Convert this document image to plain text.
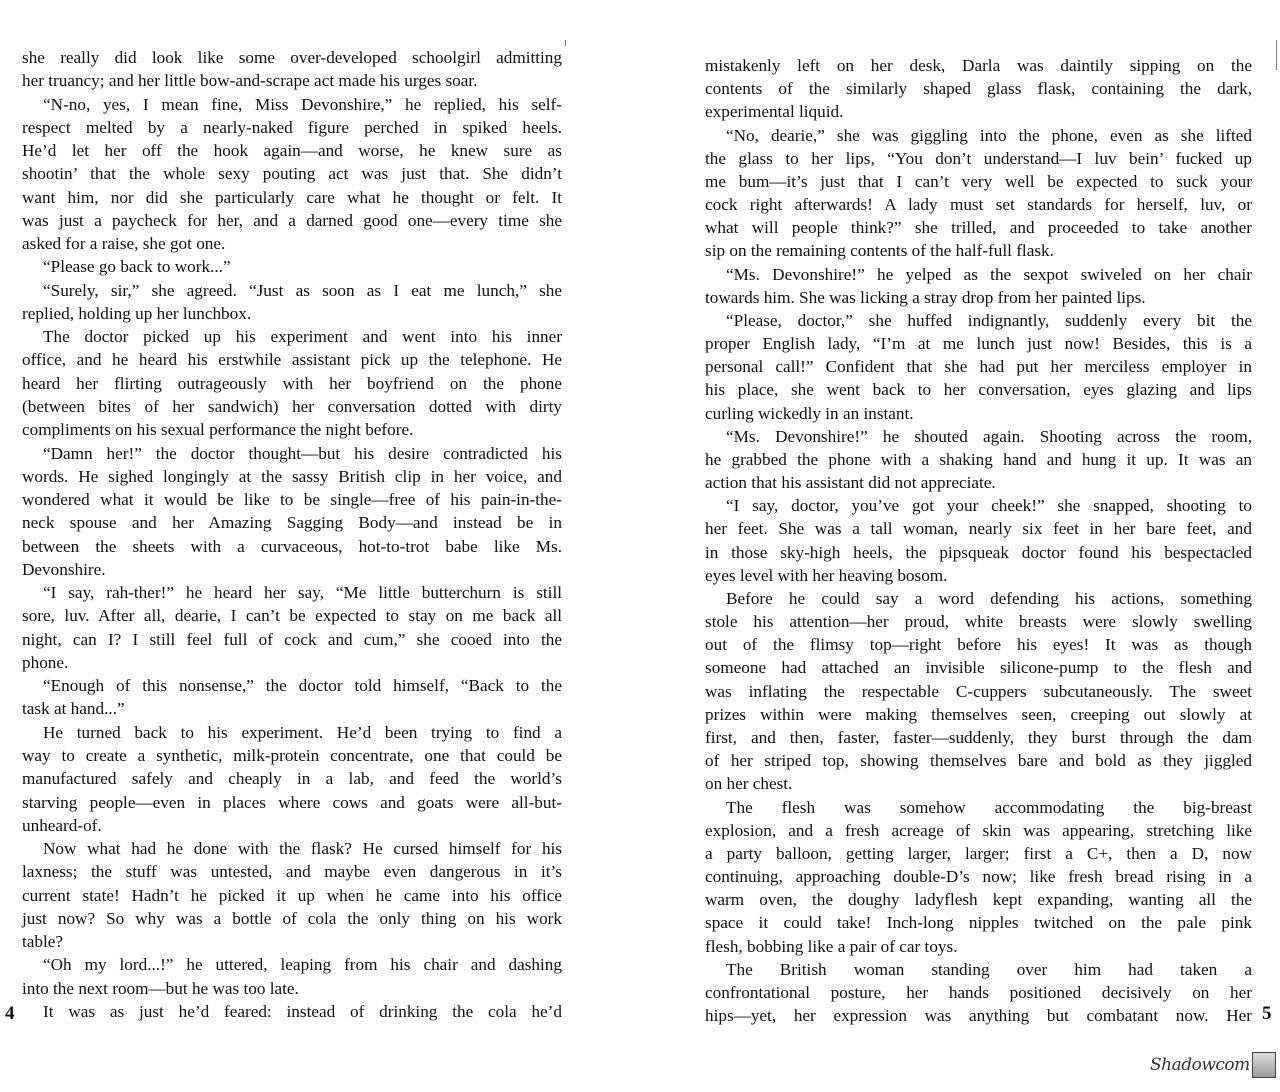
she really did look like some over-developed schoolgirl admitting
her truancy; and her little bow-and-scrape act made his urges soar.
“N-no, yes, I mean fine, Miss Devonshire,” he replied, his self-
respect melted by a nearly-naked figure perched in spiked heels.
He’d let her off the hook again—and worse, he knew sure as
shootin’ that the whole sexy pouting act was just that. She didn’t
want him, nor did she particularly care what he thought or felt. It
was just a paycheck for her, and a darned good one—every time she
asked for a raise, she got one.
“Please go back to work...”
“Surely, sir,” she agreed. “Just as soon as I eat me lunch,” she
replied, holding up her lunchbox.
The doctor picked up his experiment and went into his inner
office, and he heard his erstwhile assistant pick up the telephone. He
heard her flirting outrageously with her boyfriend on the phone
(between bites of her sandwich) her conversation dotted with dirty
compliments on his sexual performance the night before.
“Damn her!” the doctor thought—but his desire contradicted his
words. He sighed longingly at the sassy British clip in her voice, and
wondered what it would be like to be single—free of his pain-in-the-
neck spouse and her Amazing Sagging Body—and instead be in
between the sheets with a curvaceous, hot-to-trot babe like Ms.
Devonshire.
“I say, rah-ther!” he heard her say, “Me little butterchurn is still
sore, luv. After all, dearie, I can’t be expected to stay on me back all
night, can I? I still feel full of cock and cum,” she cooed into the
phone.
“Enough of this nonsense,” the doctor told himself, “Back to the
task at hand...”
He turned back to his experiment. He’d been trying to find a
way to create a synthetic, milk-protein concentrate, one that could be
manufactured safely and cheaply in a lab, and feed the world’s
starving people—even in places where cows and goats were all-but-
unheard-of.
Now what had he done with the flask? He cursed himself for his
laxness; the stuff was untested, and maybe even dangerous in it’s
current state! Hadn’t he picked it up when he came into his office
just now? So why was a bottle of cola the only thing on his work
table?
“Oh my lord...!” he uttered, leaping from his chair and dashing
into the next room—but he was too late.
It was as just he’d feared: instead of drinking the cola he’d
mistakenly left on her desk, Darla was daintily sipping on the
contents of the similarly shaped glass flask, containing the dark,
experimental liquid.
“No, dearie,” she was giggling into the phone, even as she lifted
the glass to her lips, “You don’t understand—I luv bein’ fucked up
me bum—it’s just that I can’t very well be expected to suck your
cock right afterwards! A lady must set standards for herself, luv, or
what will people think?” she trilled, and proceeded to take another
sip on the remaining contents of the half-full flask.
“Ms. Devonshire!” he yelped as the sexpot swiveled on her chair
towards him. She was licking a stray drop from her painted lips.
“Please, doctor,” she huffed indignantly, suddenly every bit the
proper English lady, “I’m at me lunch just now! Besides, this is a
personal call!” Confident that she had put her merciless employer in
his place, she went back to her conversation, eyes glazing and lips
curling wickedly in an instant.
“Ms. Devonshire!” he shouted again. Shooting across the room,
he grabbed the phone with a shaking hand and hung it up. It was an
action that his assistant did not appreciate.
“I say, doctor, you’ve got your cheek!” she snapped, shooting to
her feet. She was a tall woman, nearly six feet in her bare feet, and
in those sky-high heels, the pipsqueak doctor found his bespectacled
eyes level with her heaving bosom.
Before he could say a word defending his actions, something
stole his attention—her proud, white breasts were slowly swelling
out of the flimsy top—right before his eyes! It was as though
someone had attached an invisible silicone-pump to the flesh and
was inflating the respectable C-cuppers subcutaneously. The sweet
prizes within were making themselves seen, creeping out slowly at
first, and then, faster, faster—suddenly, they burst through the dam
of her striped top, showing themselves bare and bold as they jiggled
on her chest.
The flesh was somehow accommodating the big-breast
explosion, and a fresh acreage of skin was appearing, stretching like
a party balloon, getting larger, larger; first a C+, then a D, now
continuing, approaching double-D’s now; like fresh bread rising in a
warm oven, the doughy ladyflesh kept expanding, wanting all the
space it could take! Inch-long nipples twitched on the pale pink
flesh, bobbing like a pair of car toys.
The British woman standing over him had taken a
confrontational posture, her hands positioned decisively on her
hips—yet, her expression was anything but combatant now. Her
4	5
Shadowcom
